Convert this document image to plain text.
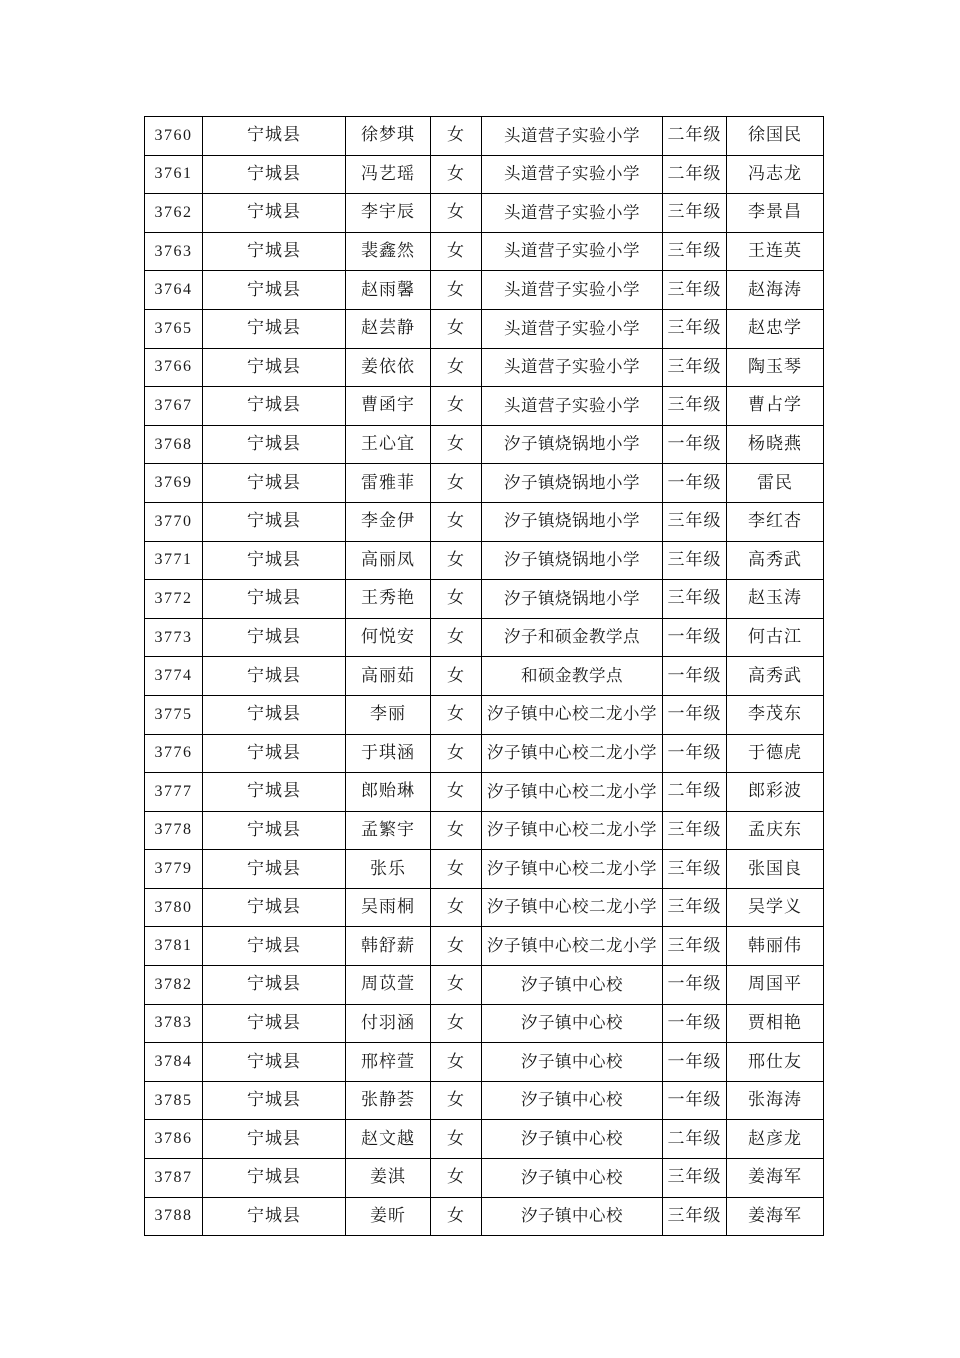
3760	宁城县	徐梦琪	女	头道营子实验小学	二年级	徐国民
3761	宁城县	冯艺瑶	女	头道营子实验小学	二年级	冯志龙
3762	宁城县	李宇辰	女	头道营子实验小学	三年级	李景昌
3763	宁城县	裴鑫然	女	头道营子实验小学	三年级	王连英
3764	宁城县	赵雨馨	女	头道营子实验小学	三年级	赵海涛
3765	宁城县	赵芸静	女	头道营子实验小学	三年级	赵忠学
3766	宁城县	姜依依	女	头道营子实验小学	三年级	陶玉琴
3767	宁城县	曹函宇	女	头道营子实验小学	三年级	曹占学
3768	宁城县	王心宜	女	汐子镇烧锅地小学	一年级	杨晓燕
3769	宁城县	雷雅菲	女	汐子镇烧锅地小学	一年级	雷民
3770	宁城县	李金伊	女	汐子镇烧锅地小学	三年级	李红杏
3771	宁城县	高丽凤	女	汐子镇烧锅地小学	三年级	高秀武
3772	宁城县	王秀艳	女	汐子镇烧锅地小学	三年级	赵玉涛
3773	宁城县	何悦安	女	汐子和硕金教学点	一年级	何古江
3774	宁城县	高丽茹	女	和硕金教学点	一年级	高秀武
3775	宁城县	李丽	女	汐子镇中心校二龙小学	一年级	李茂东
3776	宁城县	于琪涵	女	汐子镇中心校二龙小学	一年级	于德虎
3777	宁城县	郎贻琳	女	汐子镇中心校二龙小学	二年级	郎彩波
3778	宁城县	孟繁宇	女	汐子镇中心校二龙小学	三年级	孟庆东
3779	宁城县	张乐	女	汐子镇中心校二龙小学	三年级	张国良
3780	宁城县	吴雨桐	女	汐子镇中心校二龙小学	三年级	吴学义
3781	宁城县	韩舒薪	女	汐子镇中心校二龙小学	三年级	韩丽伟
3782	宁城县	周苡萱	女	汐子镇中心校	一年级	周国平
3783	宁城县	付羽涵	女	汐子镇中心校	一年级	贾相艳
3784	宁城县	邢梓萱	女	汐子镇中心校	一年级	邢仕友
3785	宁城县	张静荟	女	汐子镇中心校	一年级	张海涛
3786	宁城县	赵文越	女	汐子镇中心校	二年级	赵彦龙
3787	宁城县	姜淇	女	汐子镇中心校	三年级	姜海军
3788	宁城县	姜昕	女	汐子镇中心校	三年级	姜海军
